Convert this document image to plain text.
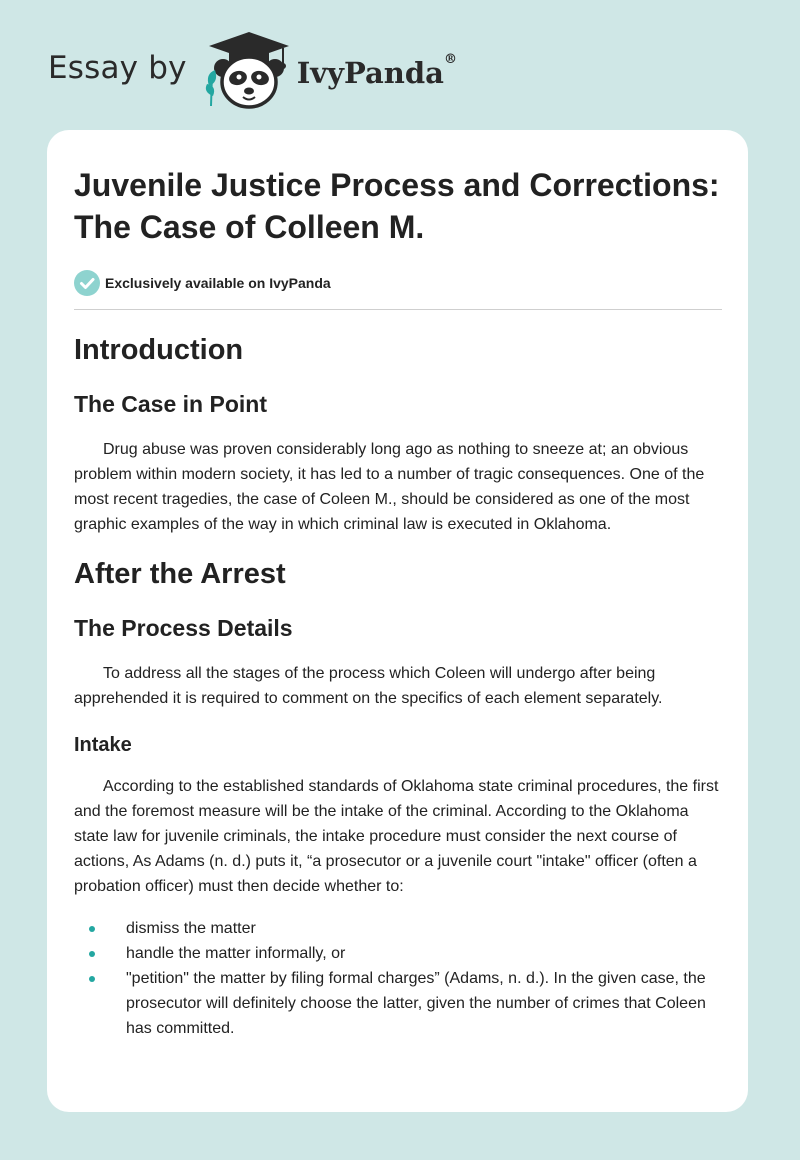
Essay by	IvyPanda®
Juvenile Justice Process and Corrections: The Case of Colleen M.
Exclusively available on IvyPanda
Introduction
The Case in Point

Drug abuse was proven considerably long ago as nothing to sneeze at; an obvious problem within modern society, it has led to a number of tragic consequences. One of the most recent tragedies, the case of Coleen M., should be considered as one of the most graphic examples of the way in which criminal law is executed in Oklahoma.

After the Arrest
The Process Details

To address all the stages of the process which Coleen will undergo after being apprehended it is required to comment on the specifics of each element separately.

Intake

According to the established standards of Oklahoma state criminal procedures, the first and the foremost measure will be the intake of the criminal. According to the Oklahoma state law for juvenile criminals, the intake procedure must consider the next course of actions, As Adams (n. d.) puts it, “a prosecutor or a juvenile court "intake" officer (often a probation officer) must then decide whether to:

dismiss the matter
handle the matter informally, or
"petition" the matter by filing formal charges” (Adams, n. d.). In the given case, the prosecutor will definitely choose the latter, given the number of crimes that Coleen has committed.
